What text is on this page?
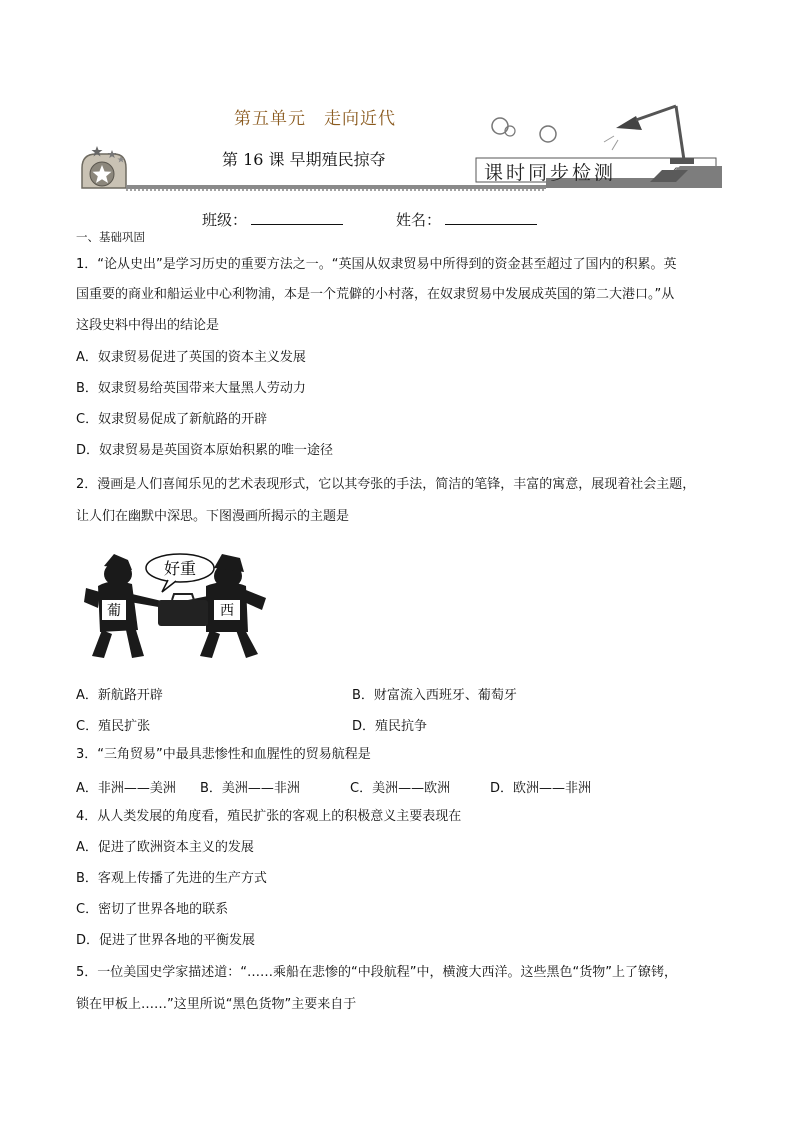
第五单元　走向近代
第 16 课 早期殖民掠夺
课时同步检测
班级：	姓名：
一、基础巩固
1．“论从史出”是学习历史的重要方法之一。“英国从奴隶贸易中所得到的资金甚至超过了国内的积累。英
国重要的商业和船运业中心利物浦，本是一个荒僻的小村落，在奴隶贸易中发展成英国的第二大港口。”从
这段史料中得出的结论是
A．奴隶贸易促进了英国的资本主义发展
B．奴隶贸易给英国带来大量黑人劳动力
C．奴隶贸易促成了新航路的开辟
D．奴隶贸易是英国资本原始积累的唯一途径
2．漫画是人们喜闻乐见的艺术表现形式，它以其夸张的手法，简洁的笔锋，丰富的寓意，展现着社会主题，
让人们在幽默中深思。下图漫画所揭示的主题是
好重
葡	西
A．新航路开辟	B．财富流入西班牙、葡萄牙
C．殖民扩张	D．殖民抗争
3．“三角贸易”中最具悲惨性和血腥性的贸易航程是
A．非洲——美洲 B．美洲——非洲	C．美洲——欧洲	D．欧洲——非洲
4．从人类发展的角度看，殖民扩张的客观上的积极意义主要表现在
A．促进了欧洲资本主义的发展
B．客观上传播了先进的生产方式
C．密切了世界各地的联系
D．促进了世界各地的平衡发展
5．一位美国史学家描述道：“……乘船在悲惨的“中段航程”中，横渡大西洋。这些黑色“货物”上了镣铐，
锁在甲板上……”这里所说“黑色货物”主要来自于
